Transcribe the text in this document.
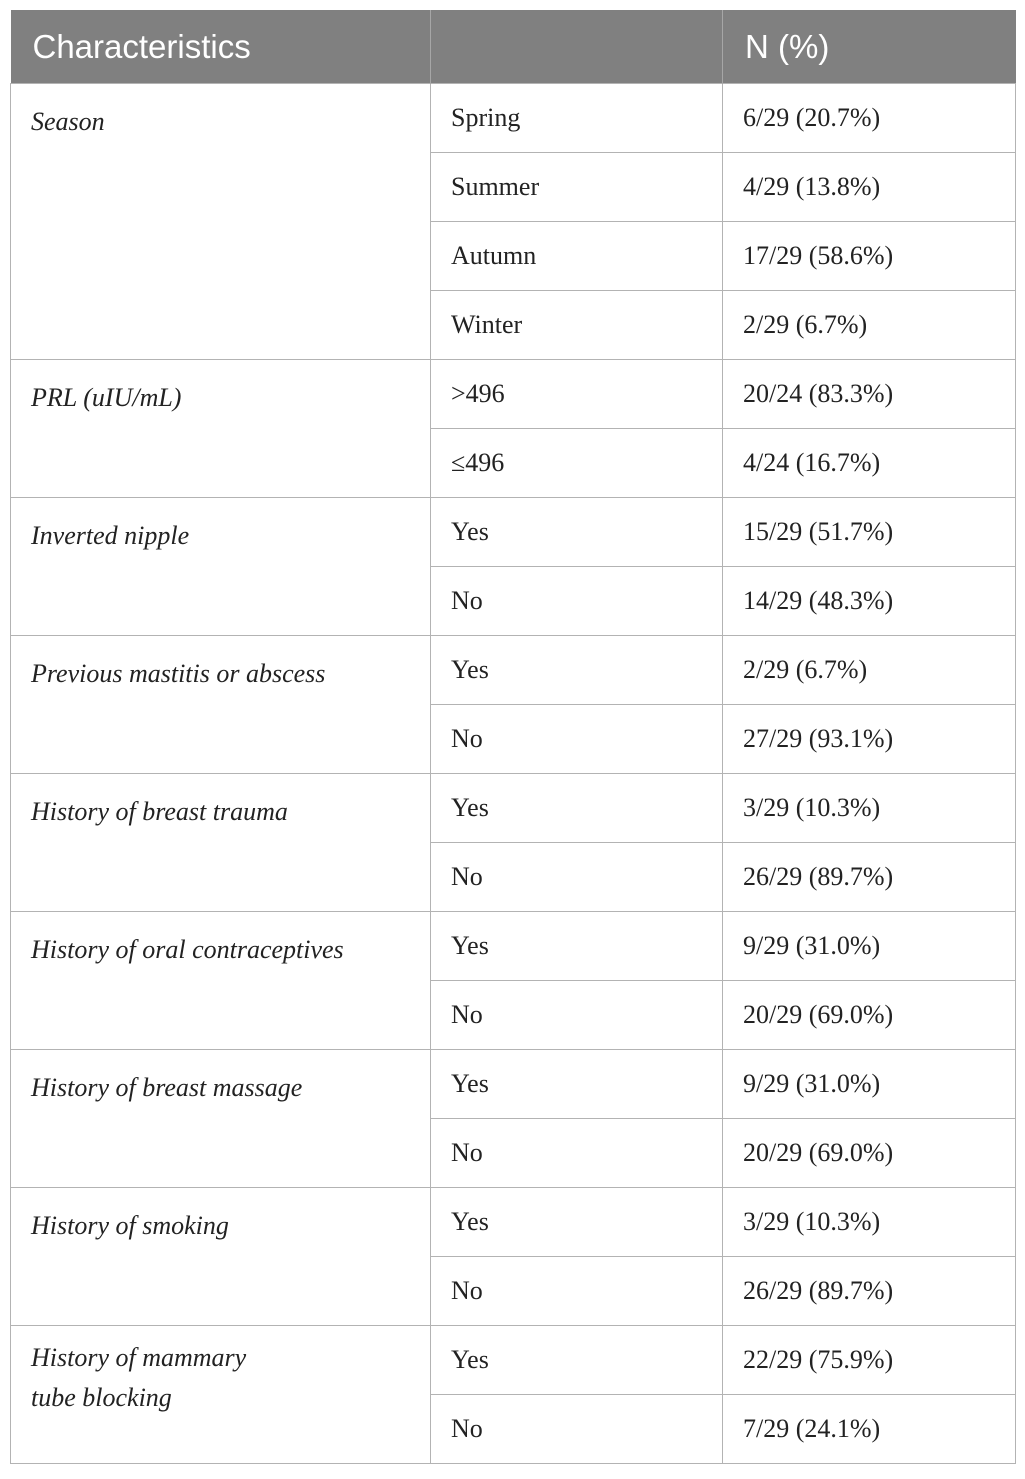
Characteristics		N (%)
Season	Spring	6/29 (20.7%)
	Summer	4/29 (13.8%)
	Autumn	17/29 (58.6%)
	Winter	2/29 (6.7%)
PRL (uIU/mL)	>496	20/24 (83.3%)
	≤496	4/24 (16.7%)
Inverted nipple	Yes	15/29 (51.7%)
	No	14/29 (48.3%)
Previous mastitis or abscess	Yes	2/29 (6.7%)
	No	27/29 (93.1%)
History of breast trauma	Yes	3/29 (10.3%)
	No	26/29 (89.7%)
History of oral contraceptives	Yes	9/29 (31.0%)
	No	20/29 (69.0%)
History of breast massage	Yes	9/29 (31.0%)
	No	20/29 (69.0%)
History of smoking	Yes	3/29 (10.3%)
	No	26/29 (89.7%)
History of mammary tube blocking	Yes	22/29 (75.9%)
	No	7/29 (24.1%)
